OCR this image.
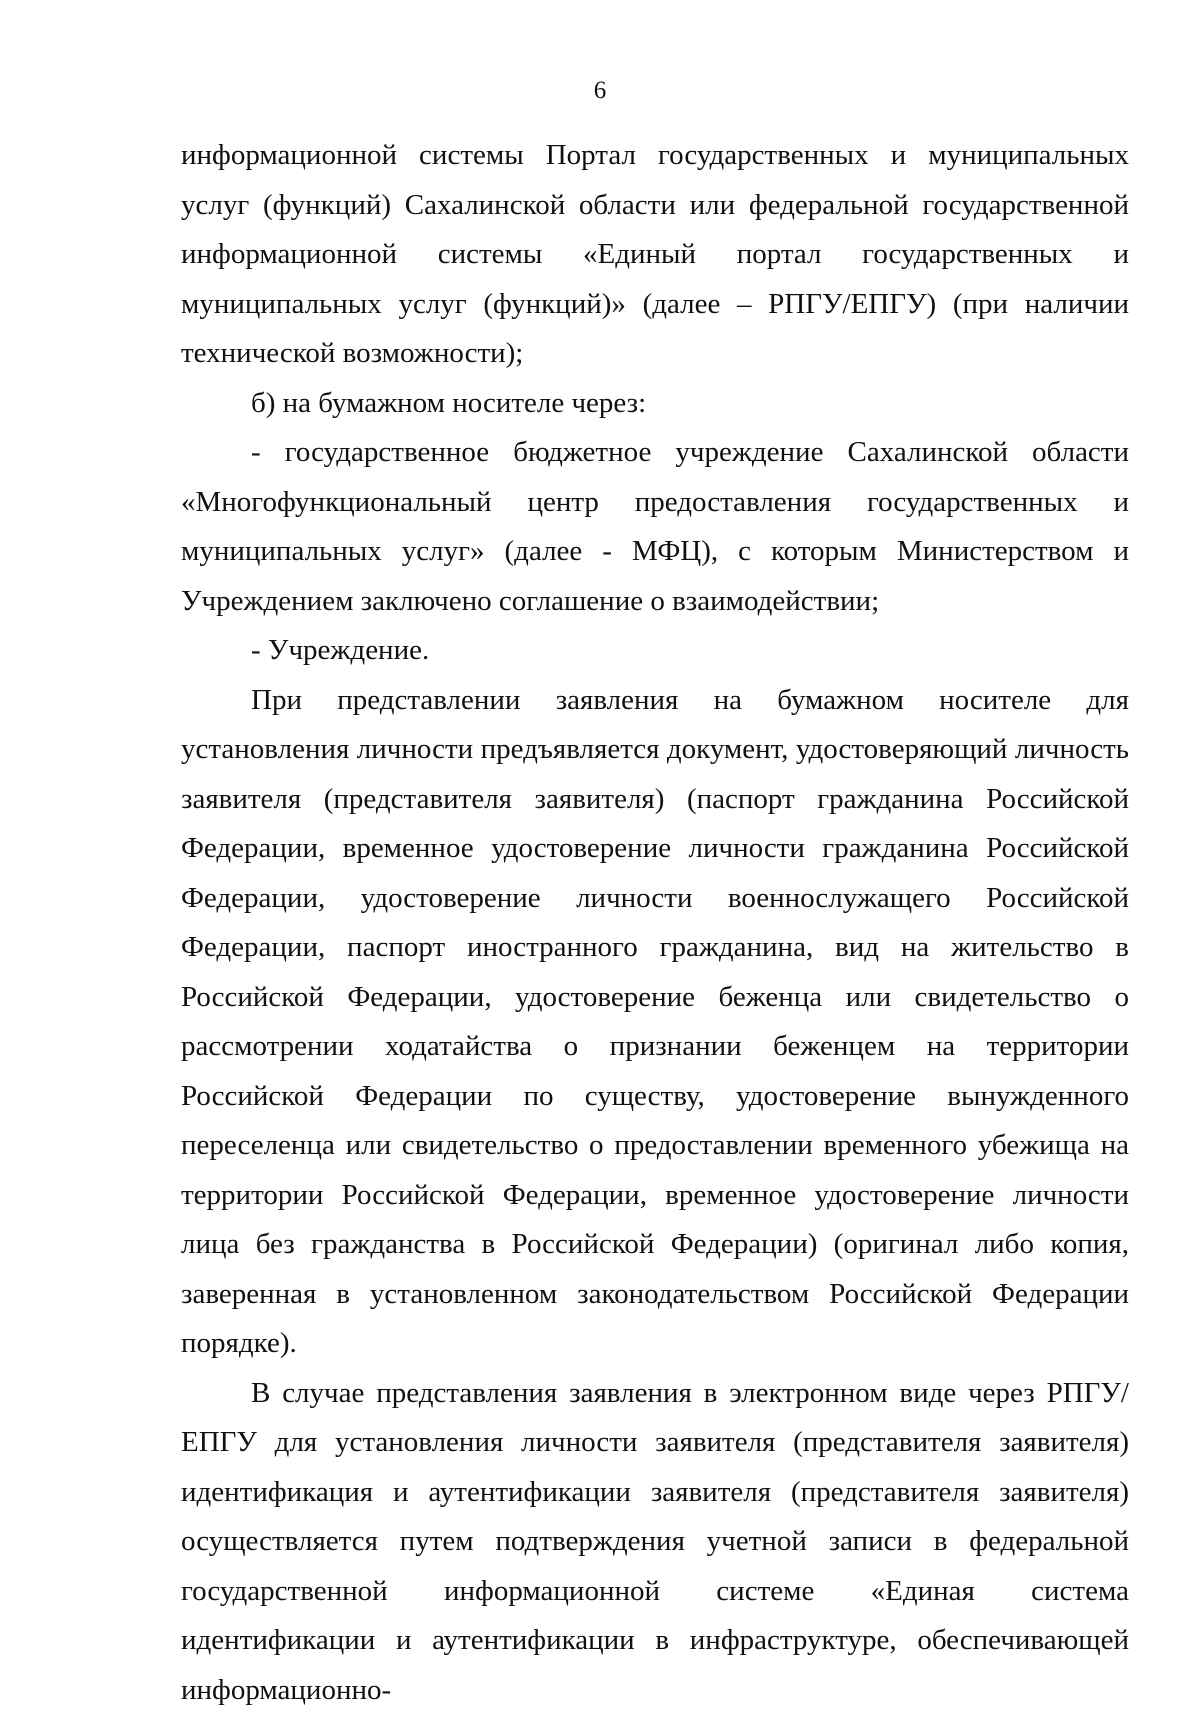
6

информационной системы Портал государственных и муниципальных услуг (функций) Сахалинской области или федеральной государственной информационной системы «Единый портал государственных и муниципальных услуг (функций)» (далее – РПГУ/ЕПГУ) (при наличии технической возможности);

б) на бумажном носителе через:

- государственное бюджетное учреждение Сахалинской области «Многофункциональный центр предоставления государственных и муниципальных услуг» (далее - МФЦ), с которым Министерством и Учреждением заключено соглашение о взаимодействии;

- Учреждение.

При представлении заявления на бумажном носителе для установления личности предъявляется документ, удостоверяющий личность заявителя (представителя заявителя) (паспорт гражданина Российской Федерации, временное удостоверение личности гражданина Российской Федерации, удостоверение личности военнослужащего Российской Федерации, паспорт иностранного гражданина, вид на жительство в Российской Федерации, удостоверение беженца или свидетельство о рассмотрении ходатайства о признании беженцем на территории Российской Федерации по существу, удостоверение вынужденного переселенца или свидетельство о предоставлении временного убежища на территории Российской Федерации, временное удостоверение личности лица без гражданства в Российской Федерации) (оригинал либо копия, заверенная в установленном законодательством Российской Федерации порядке).

В случае представления заявления в электронном виде через РПГУ/ЕПГУ для установления личности заявителя (представителя заявителя) идентификация и аутентификации заявителя (представителя заявителя) осуществляется путем подтверждения учетной записи в федеральной государственной информационной системе «Единая система идентификации и аутентификации в инфраструктуре, обеспечивающей информационно-
